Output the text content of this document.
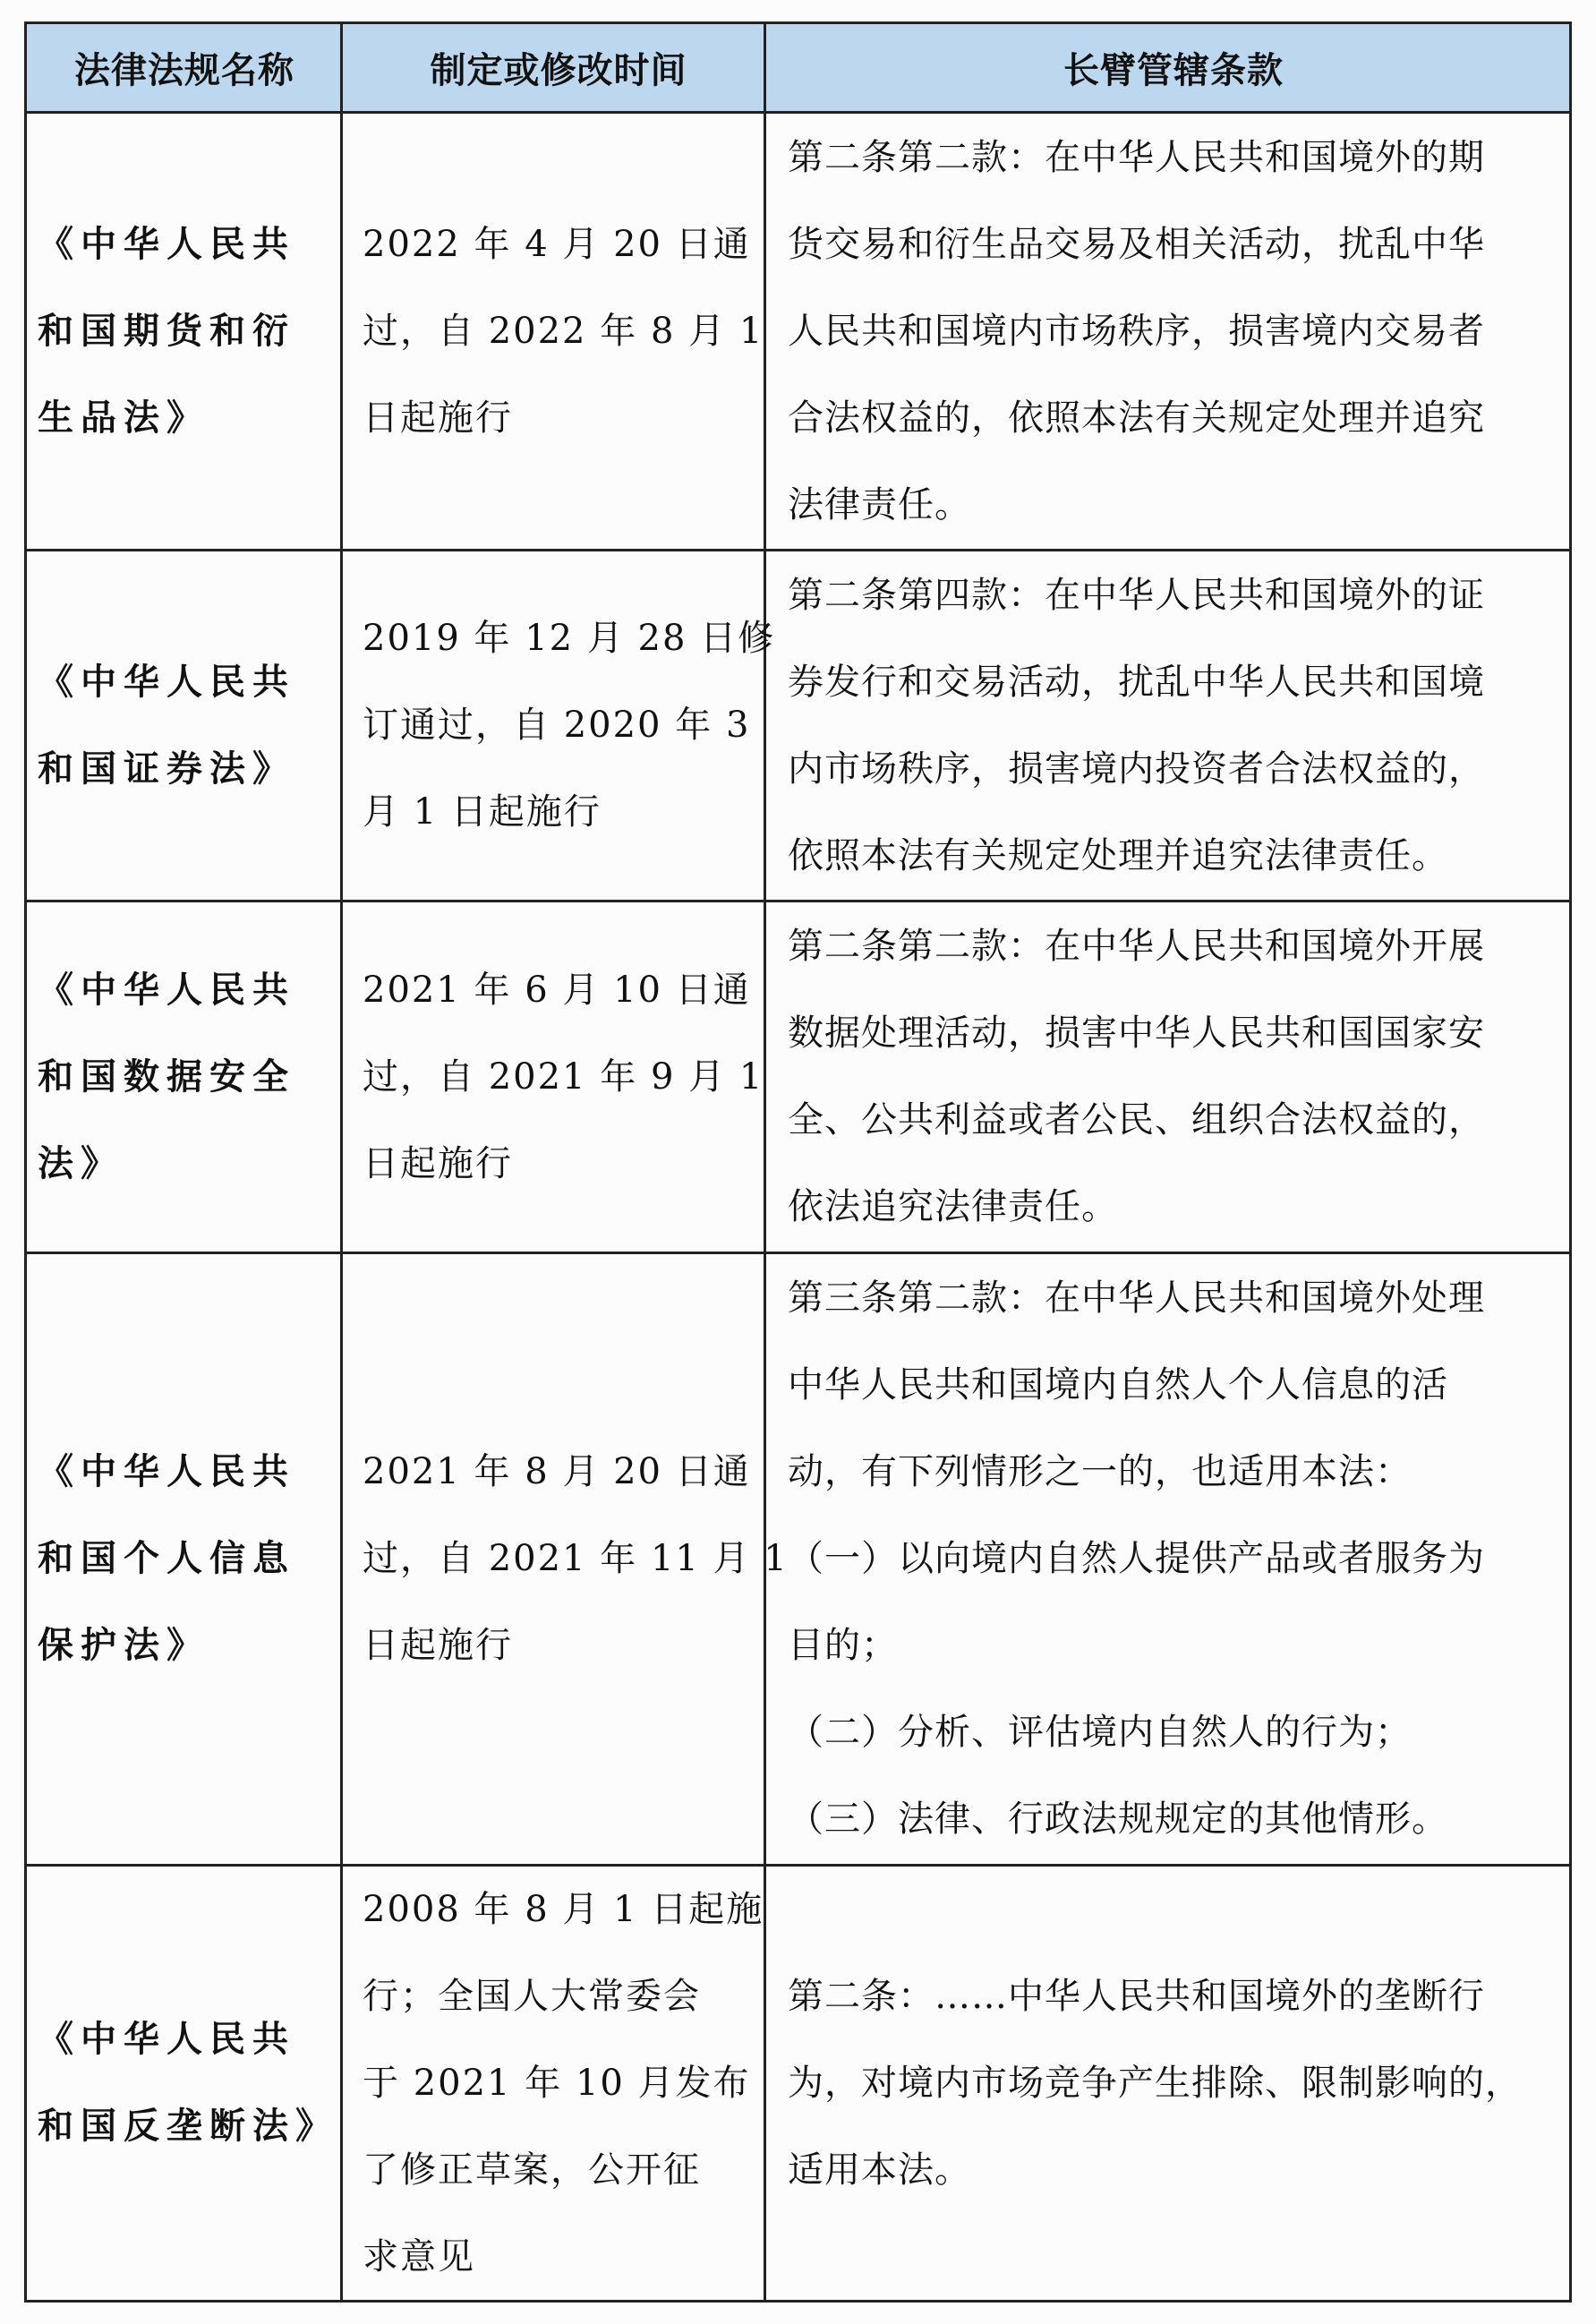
法律法规名称	制定或修改时间	长臂管辖条款
《中华人民共
和国期货和衍
生品法》
2022 年 4 月 20 日通
过，自 2022 年 8 月 1
日起施行
第二条第二款：在中华人民共和国境外的期
货交易和衍生品交易及相关活动，扰乱中华
人民共和国境内市场秩序，损害境内交易者
合法权益的，依照本法有关规定处理并追究
法律责任。
《中华人民共
和国证券法》
2019 年 12 月 28 日修
订通过，自 2020 年 3
月 1 日起施行
第二条第四款：在中华人民共和国境外的证
券发行和交易活动，扰乱中华人民共和国境
内市场秩序，损害境内投资者合法权益的，
依照本法有关规定处理并追究法律责任。
《中华人民共
和国数据安全
法》
2021 年 6 月 10 日通
过，自 2021 年 9 月 1
日起施行
第二条第二款：在中华人民共和国境外开展
数据处理活动，损害中华人民共和国国家安
全、公共利益或者公民、组织合法权益的，
依法追究法律责任。
《中华人民共
和国个人信息
保护法》
2021 年 8 月 20 日通
过，自 2021 年 11 月 1
日起施行
第三条第二款：在中华人民共和国境外处理
中华人民共和国境内自然人个人信息的活
动，有下列情形之一的，也适用本法：
（一）以向境内自然人提供产品或者服务为
目的；
（二）分析、评估境内自然人的行为；
（三）法律、行政法规规定的其他情形。
《中华人民共
和国反垄断法》
2008 年 8 月 1 日起施
行；全国人大常委会
于 2021 年 10 月发布
了修正草案，公开征
求意见
第二条：……中华人民共和国境外的垄断行
为，对境内市场竞争产生排除、限制影响的，
适用本法。
